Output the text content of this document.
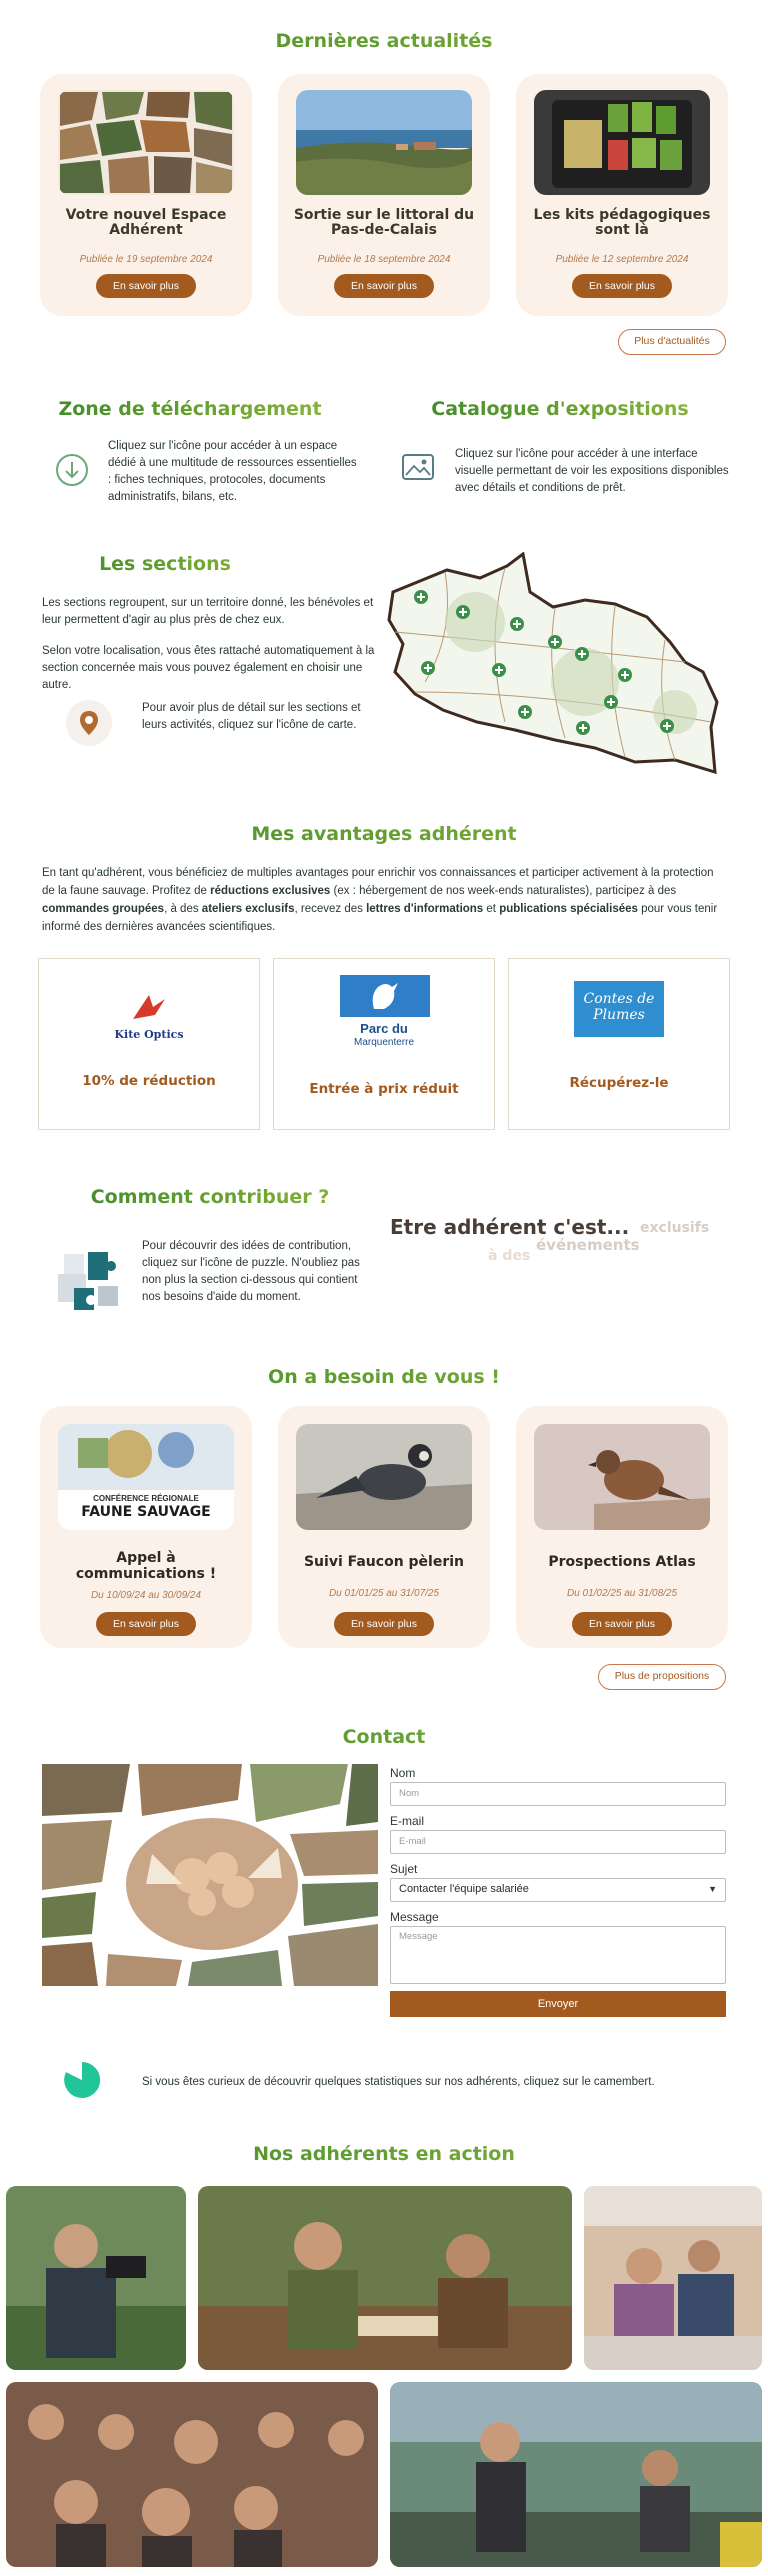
Dernières actualités
Votre nouvel Espace Adhérent
Publiée le 19 septembre 2024
En savoir plus
Sortie sur le littoral du Pas-de-Calais
Publiée le 18 septembre 2024
En savoir plus
Les kits pédagogiques sont là
Publiée le 12 septembre 2024
En savoir plus
Plus d'actualités
Zone de téléchargement
Cliquez sur l'icône pour accéder à un espace dédié à une multitude de ressources essentielles : fiches techniques, protocoles, documents administratifs, bilans, etc.
Catalogue d'expositions
Cliquez sur l'icône pour accéder à une interface visuelle permettant de voir les expositions disponibles avec détails et conditions de prêt.
Les sections
Les sections regroupent, sur un territoire donné, les bénévoles et leur permettent d'agir au plus près de chez eux.
Selon votre localisation, vous êtes rattaché automatiquement à la section concernée mais vous pouvez également en choisir une autre.
Pour avoir plus de détail sur les sections et leurs activités, cliquez sur l'icône de carte.
Mes avantages adhérent
En tant qu'adhérent, vous bénéficiez de multiples avantages pour enrichir vos connaissances et participer activement à la protection de la faune sauvage. Profitez de réductions exclusives (ex : hébergement de nos week-ends naturalistes), participez à des commandes groupées, à des ateliers exclusifs, recevez des lettres d'informations et publications spécialisées pour vous tenir informé des dernières avancées scientifiques.
Kite Optics
10% de réduction
Parc du
Marquenterre
Entrée à prix réduit
Contes de Plumes
Récupérez-le
Comment contribuer ?
Pour découvrir des idées de contribution, cliquez sur l'icône de puzzle. N'oubliez pas non plus la section ci-dessous qui contient nos besoins d'aide du moment.
Etre adhérent c'est... exclusifs
événements
à des
On a besoin de vous !
CONFÉRENCE RÉGIONALE
FAUNE SAUVAGE
Appel à communications !
Du 10/09/24 au 30/09/24
En savoir plus
Suivi Faucon pèlerin
Du 01/01/25 au 31/07/25
En savoir plus
Prospections Atlas
Du 01/02/25 au 31/08/25
En savoir plus
Plus de propositions
Contact
Nom
Nom
E-mail
E-mail
Sujet
Contacter l'équipe salariée	▼
Message
Message
Envoyer
Si vous êtes curieux de découvrir quelques statistiques sur nos adhérents, cliquez sur le camembert.
Nos adhérents en action
